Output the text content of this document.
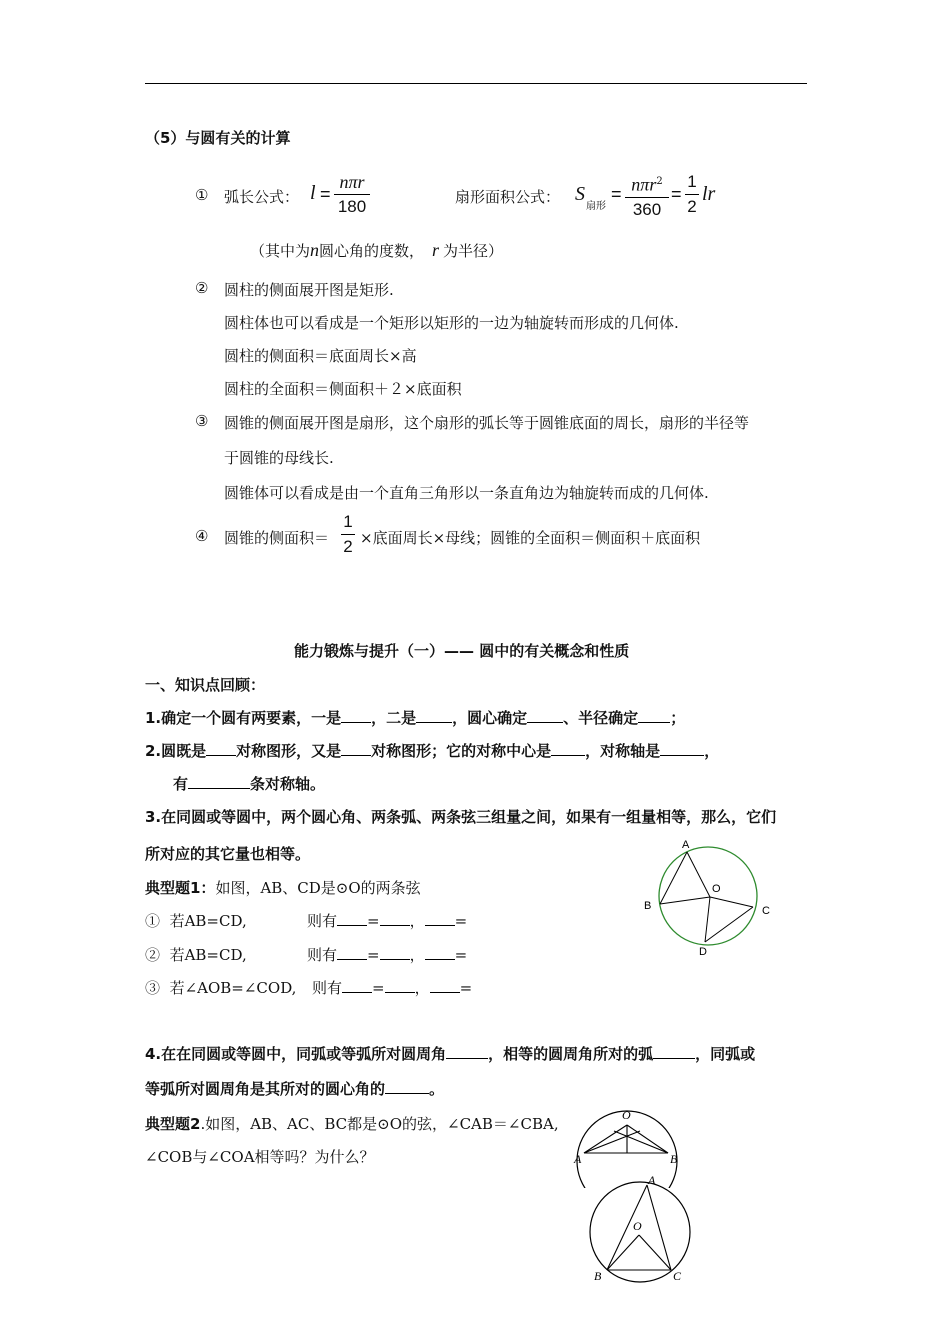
（5）与圆有关的计算
① 弧长公式： l =
nπr
180	扇形面积公式： S
扇形
= nπr$^2$
360
=
1
2
lr
（其中为n圆心角的度数， r 为半径）
② 圆柱的侧面展开图是矩形.
圆柱体也可以看成是一个矩形以矩形的一边为轴旋转而形成的几何体.
圆柱的侧面积＝底面周长×高
圆柱的全面积＝侧面积＋２×底面积
③ 圆锥的侧面展开图是扇形，这个扇形的弧长等于圆锥底面的周长，扇形的半径等
于圆锥的母线长.
圆锥体可以看成是由一个直角三角形以一条直角边为轴旋转而成的几何体.
④ 圆锥的侧面积＝
1
2 ×底面周长×母线；圆锥的全面积＝侧面积＋底面积
能力锻炼与提升（一）—— 圆中的有关概念和性质
一、知识点回顾：
1.确定一个圆有两要素，一是 ，二是 ，圆心确定 、半径确定 ；
2.圆既是 对称图形，又是 对称图形；它的对称中心是 ，对称轴是	，
有	条对称轴。
3.在同圆或等圆中，两个圆心角、两条弧、两条弦三组量之间，如果有一组量相等，那么，它们
所对应的其它量也相等。
典型题1：如图，AB、CD是⊙O的两条弦
① 若AB=CD,	则有 = ， =
② 若AB=CD,	则有 = ， =
③ 若∠AOB=∠COD, 则有 = ， =
A
O
B	C
D
4.在在同圆或等圆中，同弧或等弧所对圆周角	，相等的圆周角所对的弧	，同弧或
等弧所对圆周角是其所对的圆心角的	。
典型题2.如图，AB、AC、BC都是⊙O的弦，∠CAB＝∠CBA,
∠COB与∠COA相等吗？为什么？
O
A	B
A
O
B	C
